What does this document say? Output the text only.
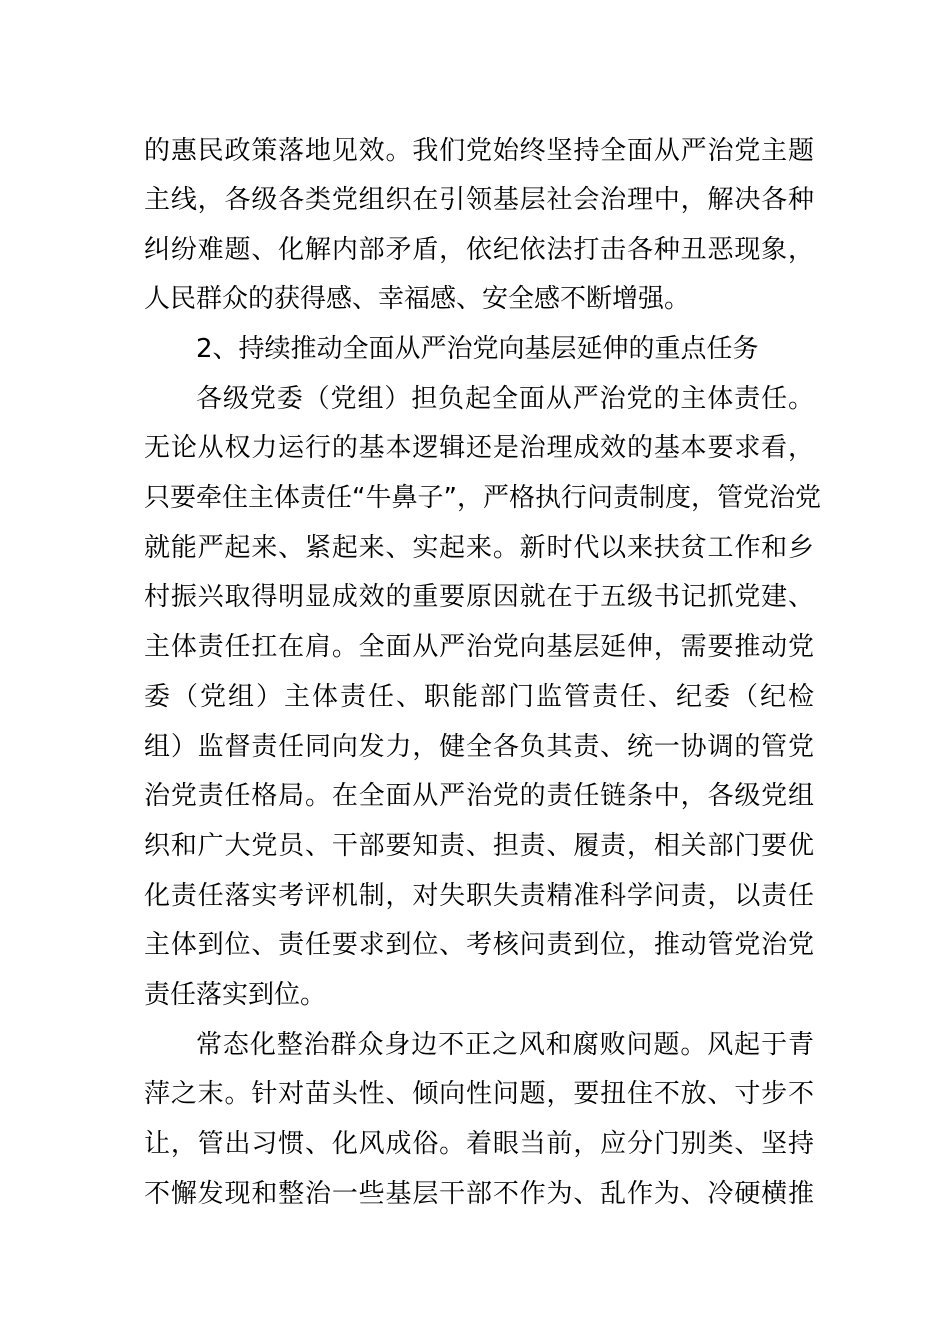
的惠民政策落地见效。我们党始终坚持全面从严治党主题
主线，各级各类党组织在引领基层社会治理中，解决各种
纠纷难题、化解内部矛盾，依纪依法打击各种丑恶现象，
人民群众的获得感、幸福感、安全感不断增强。
2、持续推动全面从严治党向基层延伸的重点任务
各级党委（党组）担负起全面从严治党的主体责任。
无论从权力运行的基本逻辑还是治理成效的基本要求看，
只要牵住主体责任“牛鼻子”，严格执行问责制度，管党治党
就能严起来、紧起来、实起来。新时代以来扶贫工作和乡
村振兴取得明显成效的重要原因就在于五级书记抓党建、
主体责任扛在肩。全面从严治党向基层延伸，需要推动党
委（党组）主体责任、职能部门监管责任、纪委（纪检
组）监督责任同向发力，健全各负其责、统一协调的管党
治党责任格局。在全面从严治党的责任链条中，各级党组
织和广大党员、干部要知责、担责、履责，相关部门要优
化责任落实考评机制，对失职失责精准科学问责，以责任
主体到位、责任要求到位、考核问责到位，推动管党治党
责任落实到位。
常态化整治群众身边不正之风和腐败问题。风起于青
萍之末。针对苗头性、倾向性问题，要扭住不放、寸步不
让，管出习惯、化风成俗。着眼当前，应分门别类、坚持
不懈发现和整治一些基层干部不作为、乱作为、冷硬横推
